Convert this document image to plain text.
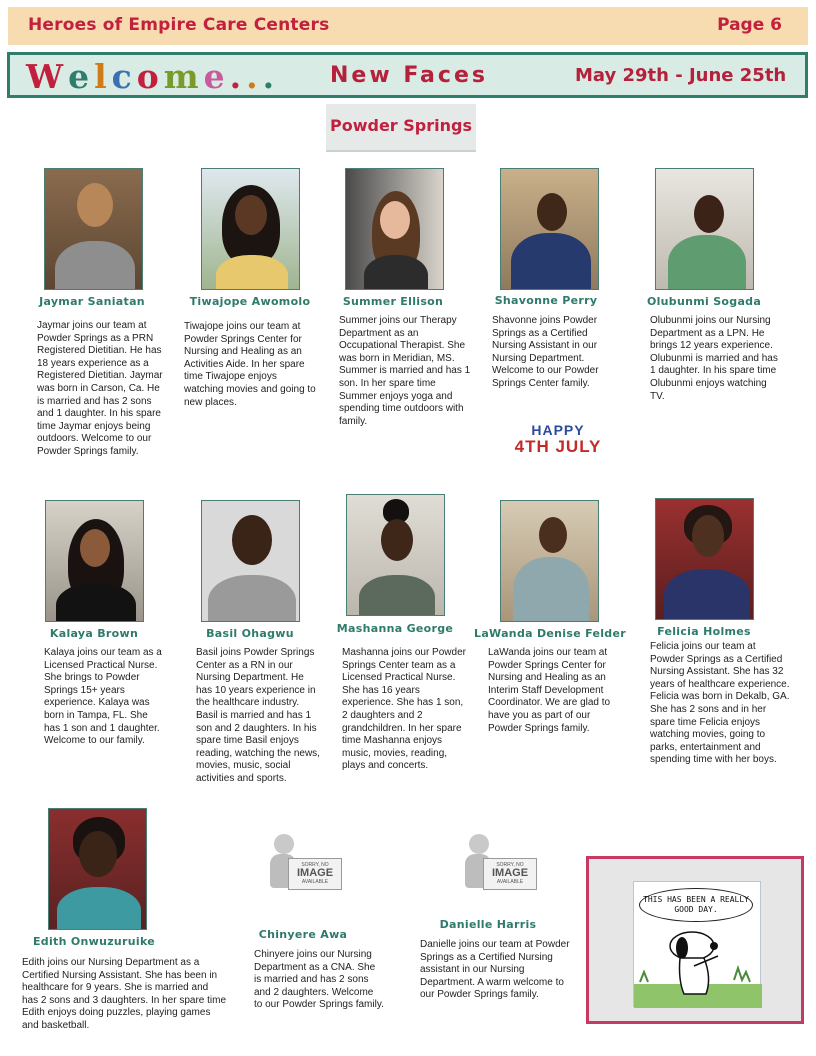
Heroes of Empire Care Centers	Page 6
Welcome... New Faces	May 29th - June 25th
Powder Springs
Jaymar Saniatan
Jaymar joins our team at Powder Springs as a PRN Registered Dietitian. He has 18 years experience as a Registered Dietitian. Jaymar was born in Carson, Ca. He is married and has 2 sons and 1 daughter. In his spare time Jaymar enjoys being outdoors. Welcome to our Powder Springs family.
Tiwajope Awomolo
Tiwajope joins our team at Powder Springs Center for Nursing and Healing as an Activities Aide. In her spare time Tiwajope enjoys watching movies and going to new places.
Summer Ellison
Summer joins our Therapy Department as an Occupational Therapist. She was born in Meridian, MS. Summer is married and has 1 son. In her spare time Summer enjoys yoga and spending time outdoors with family.
Shavonne Perry
Shavonne joins Powder Springs as a Certified Nursing Assistant in our Nursing Department. Welcome to our Powder Springs Center family.
Olubunmi Sogada
Olubunmi joins our Nursing Department as a LPN. He brings 12 years experience. Olubunmi is married and has 1 daughter. In his spare time Olubunmi enjoys watching TV.
HAPPY
4TH JULY
Kalaya Brown
Kalaya joins our team as a Licensed Practical Nurse. She brings to Powder Springs 15+ years experience. Kalaya was born in Tampa, FL. She has 1 son and 1 daughter. Welcome to our family.
Basil Ohagwu
Basil joins Powder Springs Center as a RN in our Nursing Department. He has 10 years experience in the healthcare industry. Basil is married and has 1 son and 2 daughters. In his spare time Basil enjoys reading, watching the news, movies, music, social activities and sports.
Mashanna George
Mashanna joins our Powder Springs Center team as a Licensed Practical Nurse. She has 16 years experience. She has 1 son, 2 daughters and 2 grandchildren. In her spare time Mashanna enjoys music, movies, reading, plays and concerts.
LaWanda Denise Felder
LaWanda joins our team at Powder Springs Center for Nursing and Healing as an Interim Staff Development Coordinator. We are glad to have you as part of our Powder Springs family.
Felicia Holmes
Felicia joins our team at Powder Springs as a Certified Nursing Assistant. She has 32 years of healthcare experience. Felicia was born in Dekalb, GA. She has 2 sons and in her spare time Felicia enjoys watching movies, going to parks, entertainment and spending time with her boys.
Edith Onwuzuruike
Edith joins our Nursing Department as a Certified Nursing Assistant. She has been in healthcare for 9 years. She is married and has 2 sons and 3 daughters. In her spare time Edith enjoys doing puzzles, playing games and basketball.
SORRY, NO
IMAGE
AVAILABLE
Chinyere Awa
Chinyere joins our Nursing Department as a CNA. She is married and has 2 sons and 2 daughters. Welcome to our Powder Springs family.
SORRY, NO
IMAGE
AVAILABLE
Danielle Harris
Danielle joins our team at Powder Springs as a Certified Nursing assistant in our Nursing Department. A warm welcome to our Powder Springs family.
THIS HAS BEEN A REALLY GOOD DAY.
